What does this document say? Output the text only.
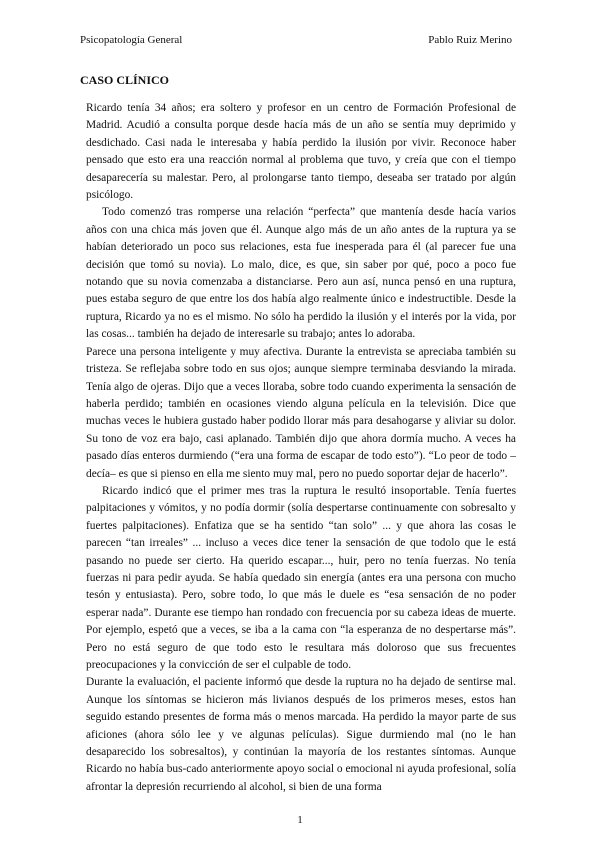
Psicopatología General	Pablo Ruiz Merino
CASO CLÍNICO

Ricardo tenía 34 años; era soltero y profesor en un centro de Formación Profesional de Madrid. Acudió a consulta porque desde hacía más de un año se sentía muy deprimido y desdichado. Casi nada le interesaba y había perdido la ilusión por vivir. Reconoce haber pensado que esto era una reacción normal al problema que tuvo, y creía que con el tiempo desaparecería su malestar. Pero, al prolongarse tanto tiempo, deseaba ser tratado por algún psicólogo.

Todo comenzó tras romperse una relación “perfecta” que mantenía desde hacía varios años con una chica más joven que él. Aunque algo más de un año antes de la ruptura ya se habían deteriorado un poco sus relaciones, esta fue inesperada para él (al parecer fue una decisión que tomó su novia). Lo malo, dice, es que, sin saber por qué, poco a poco fue notando que su novia comenzaba a distanciarse. Pero aun así, nunca pensó en una ruptura, pues estaba seguro de que entre los dos había algo realmente único e indestructible. Desde la ruptura, Ricardo ya no es el mismo. No sólo ha perdido la ilusión y el interés por la vida, por las cosas... también ha dejado de interesarle su trabajo; antes lo adoraba.

Parece una persona inteligente y muy afectiva. Durante la entrevista se apreciaba también su tristeza. Se reflejaba sobre todo en sus ojos; aunque siempre terminaba desviando la mirada. Tenía algo de ojeras. Dijo que a veces lloraba, sobre todo cuando experimenta la sensación de haberla perdido; también en ocasiones viendo alguna película en la televisión. Dice que muchas veces le hubiera gustado haber podido llorar más para desahogarse y aliviar su dolor. Su tono de voz era bajo, casi aplanado. También dijo que ahora dormía mucho. A veces ha pasado días enteros durmiendo (“era una forma de escapar de todo esto”). “Lo peor de todo –decía– es que si pienso en ella me siento muy mal, pero no puedo soportar dejar de hacerlo”.

Ricardo indicó que el primer mes tras la ruptura le resultó insoportable. Tenía fuertes palpitaciones y vómitos, y no podía dormir (solía despertarse continuamente con sobresalto y fuertes palpitaciones). Enfatiza que se ha sentido “tan solo” ... y que ahora las cosas le parecen “tan irreales” ... incluso a veces dice tener la sensación de que todolo que le está pasando no puede ser cierto. Ha querido escapar..., huir, pero no tenía fuerzas. No tenía fuerzas ni para pedir ayuda. Se había quedado sin energía (antes era una persona con mucho tesón y entusiasta). Pero, sobre todo, lo que más le duele es “esa sensación de no poder esperar nada”. Durante ese tiempo han rondado con frecuencia por su cabeza ideas de muerte. Por ejemplo, espetó que a veces, se iba a la cama con “la esperanza de no despertarse más”. Pero no está seguro de que todo esto le resultara más doloroso que sus frecuentes preocupaciones y la convicción de ser el culpable de todo.

Durante la evaluación, el paciente informó que desde la ruptura no ha dejado de sentirse mal. Aunque los síntomas se hicieron más livianos después de los primeros meses, estos han seguido estando presentes de forma más o menos marcada. Ha perdido la mayor parte de sus aficiones (ahora sólo lee y ve algunas películas). Sigue durmiendo mal (no le han desaparecido los sobresaltos), y continúan la mayoría de los restantes síntomas. Aunque Ricardo no había bus-cado anteriormente apoyo social o emocional ni ayuda profesional, solía afrontar la depresión recurriendo al alcohol, si bien de una forma

1
